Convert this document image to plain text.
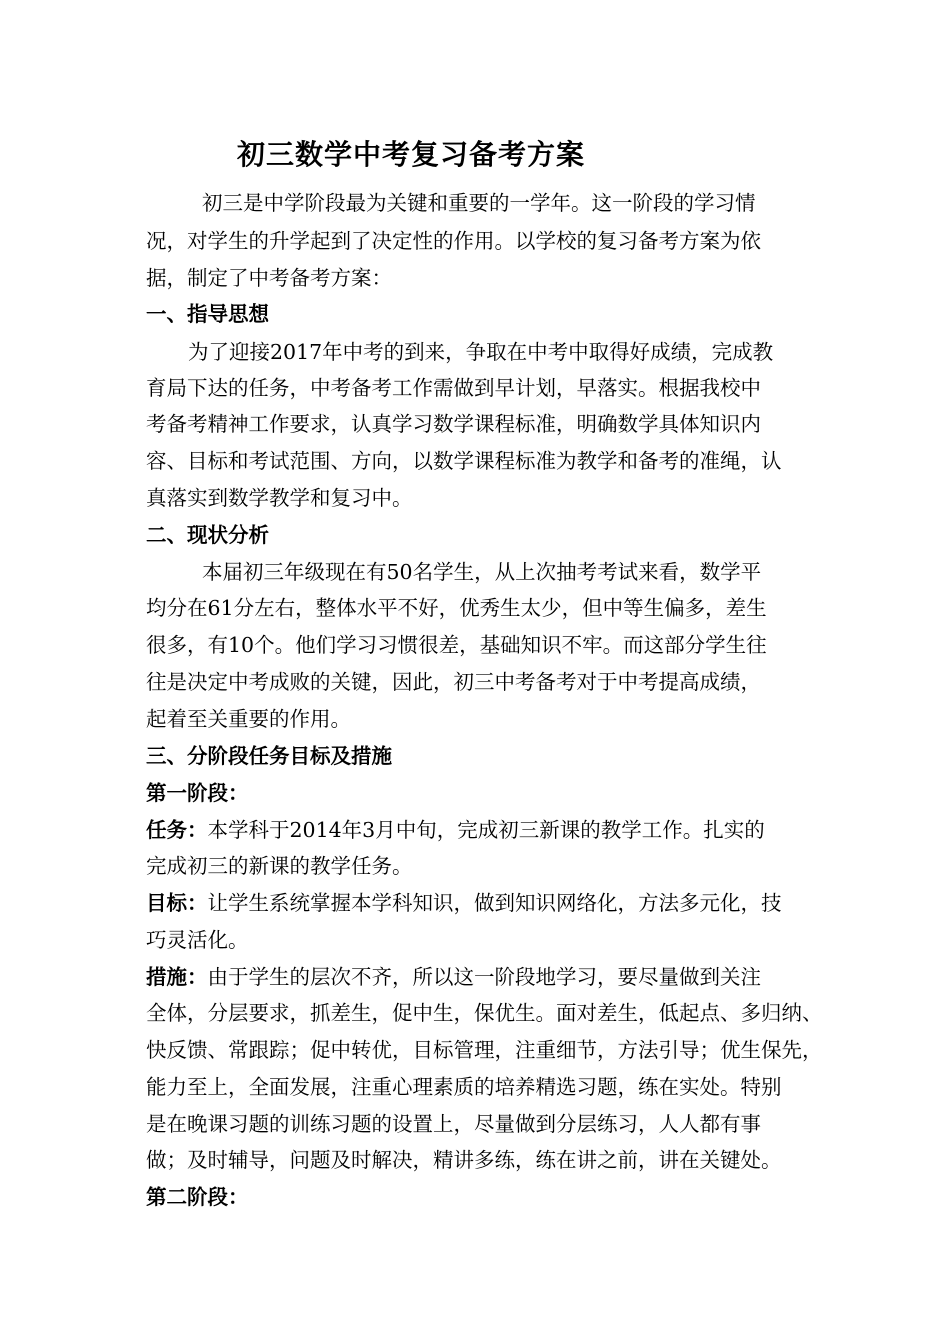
初三数学中考复习备考方案
初三是中学阶段最为关键和重要的一学年。这一阶段的学习情
况，对学生的升学起到了决定性的作用。以学校的复习备考方案为依
据，制定了中考备考方案：
一、指导思想
为了迎接2017年中考的到来，争取在中考中取得好成绩，完成教
育局下达的任务，中考备考工作需做到早计划，早落实。根据我校中
考备考精神工作要求，认真学习数学课程标准，明确数学具体知识内
容、目标和考试范围、方向，以数学课程标准为教学和备考的准绳，认
真落实到数学教学和复习中。
二、现状分析
本届初三年级现在有50名学生，从上次抽考考试来看，数学平
均分在61分左右，整体水平不好，优秀生太少，但中等生偏多，差生
很多，有10个。他们学习习惯很差，基础知识不牢。而这部分学生往
往是决定中考成败的关键，因此，初三中考备考对于中考提高成绩，
起着至关重要的作用。
三、分阶段任务目标及措施
第一阶段：
任务：本学科于2014年3月中旬，完成初三新课的教学工作。扎实的
完成初三的新课的教学任务。
目标：让学生系统掌握本学科知识，做到知识网络化，方法多元化，技
巧灵活化。
措施：由于学生的层次不齐，所以这一阶段地学习，要尽量做到关注
全体，分层要求，抓差生，促中生，保优生。面对差生，低起点、多归纳、
快反馈、常跟踪；促中转优，目标管理，注重细节，方法引导；优生保先，
能力至上，全面发展，注重心理素质的培养精选习题，练在实处。特别
是在晚课习题的训练习题的设置上，尽量做到分层练习，人人都有事
做；及时辅导，问题及时解决，精讲多练，练在讲之前，讲在关键处。
第二阶段：
